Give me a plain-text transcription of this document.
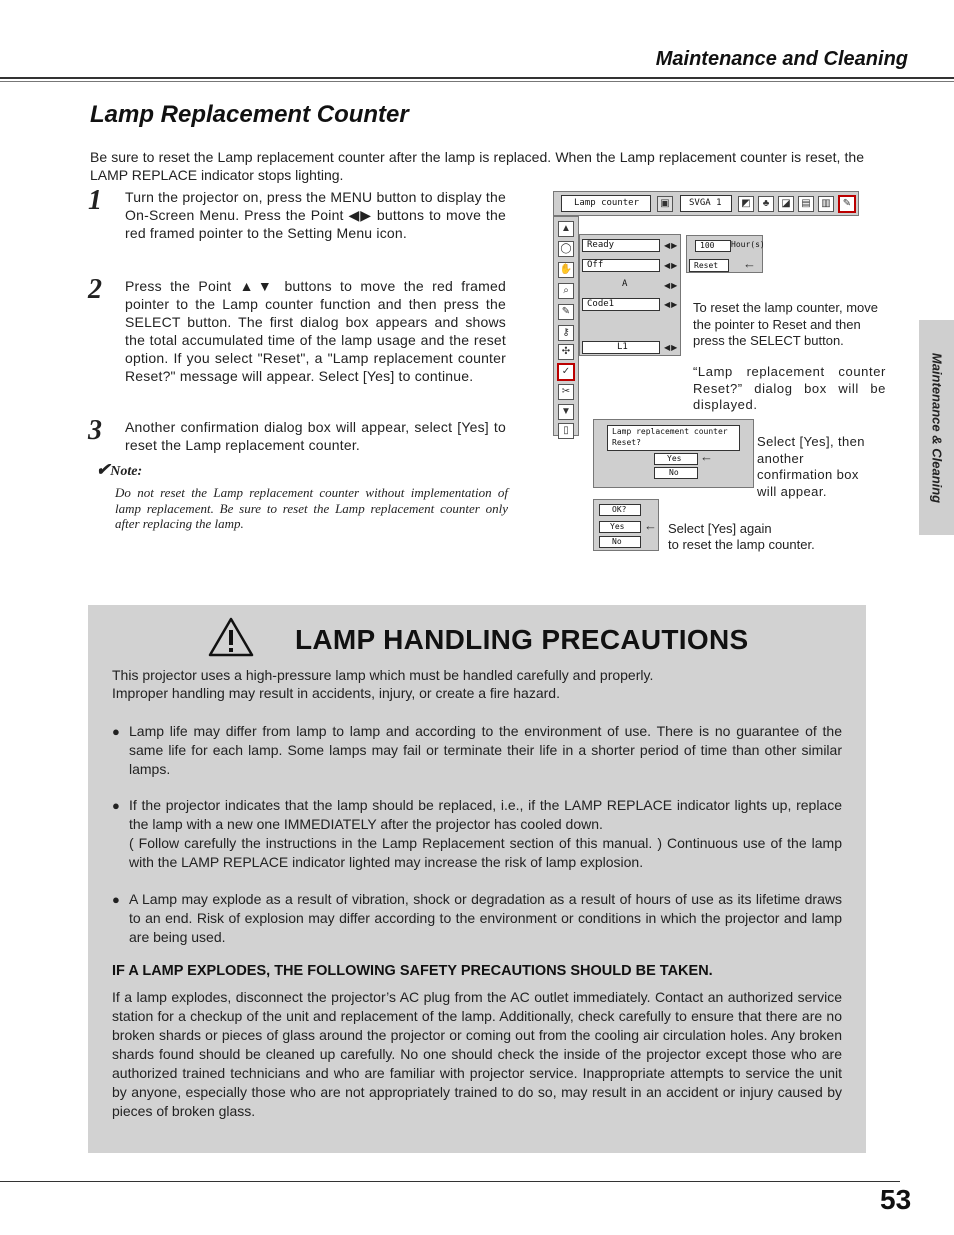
Maintenance and Cleaning
Maintenance & Cleaning
Lamp Replacement Counter
Be sure to reset the Lamp replacement counter after the lamp is replaced. When the Lamp replacement counter is reset, the LAMP REPLACE indicator stops lighting.
1 Turn the projector on, press the MENU button to display the On-Screen Menu. Press the Point ◀▶ buttons to move the red framed pointer to the Setting Menu icon.
2 Press the Point ▲▼ buttons to move the red framed pointer to the Lamp counter function and then press the SELECT button. The first dialog box appears and shows the total accumulated time of the lamp usage and the reset option. If you select "Reset", a "Lamp replacement counter Reset?" message will appear. Select [Yes] to continue.
3 Another confirmation dialog box will appear, select [Yes] to reset the Lamp replacement counter.
✔Note:
Do not reset the Lamp replacement counter without implementation of lamp replacement. Be sure to reset the Lamp replacement counter only after replacing the lamp.
Lamp counter	▣	SVGA 1	◩	♣	◪	▤	▥	✎
▲
◯
✋
⌕
✎
⚷
✣
✓
✂
▼
▯
Ready	◀▶
Off	◀▶
A	◀▶
Code1	◀▶
L1	◀▶
100	Hour(s)
Reset	←
To reset the lamp counter, move the pointer to Reset and then press the SELECT button.
“Lamp replacement counter Reset?” dialog box will be displayed.
Lamp replacement counter
Reset?
Yes	←
No
Select [Yes], then another confirmation box will appear.
OK?
Yes	←
No
Select [Yes] again
to reset the lamp counter.
LAMP HANDLING PRECAUTIONS
This projector uses a high-pressure lamp which must be handled carefully and properly.
Improper handling may result in accidents, injury, or create a fire hazard.
● Lamp life may differ from lamp to lamp and according to the environment of use. There is no guarantee of the same life for each lamp. Some lamps may fail or terminate their life in a shorter period of time than other similar lamps.
● If the projector indicates that the lamp should be replaced, i.e., if the LAMP REPLACE indicator lights up, replace the lamp with a new one IMMEDIATELY after the projector has cooled down.
( Follow carefully the instructions in the Lamp Replacement section of this manual. ) Continuous use of the lamp with the LAMP REPLACE indicator lighted may increase the risk of lamp explosion.
● A Lamp may explode as a result of vibration, shock or degradation as a result of hours of use as its lifetime draws to an end. Risk of explosion may differ according to the environment or conditions in which the projector and lamp are being used.
IF A LAMP EXPLODES, THE FOLLOWING SAFETY PRECAUTIONS SHOULD BE TAKEN.
If a lamp explodes, disconnect the projector’s AC plug from the AC outlet immediately. Contact an authorized service station for a checkup of the unit and replacement of the lamp. Additionally, check carefully to ensure that there are no broken shards or pieces of glass around the projector or coming out from the cooling air circulation holes. Any broken shards found should be cleaned up carefully. No one should check the inside of the projector except those who are authorized trained technicians and who are familiar with projector service. Inappropriate attempts to service the unit by anyone, especially those who are not appropriately trained to do so, may result in an accident or injury caused by pieces of broken glass.
53
